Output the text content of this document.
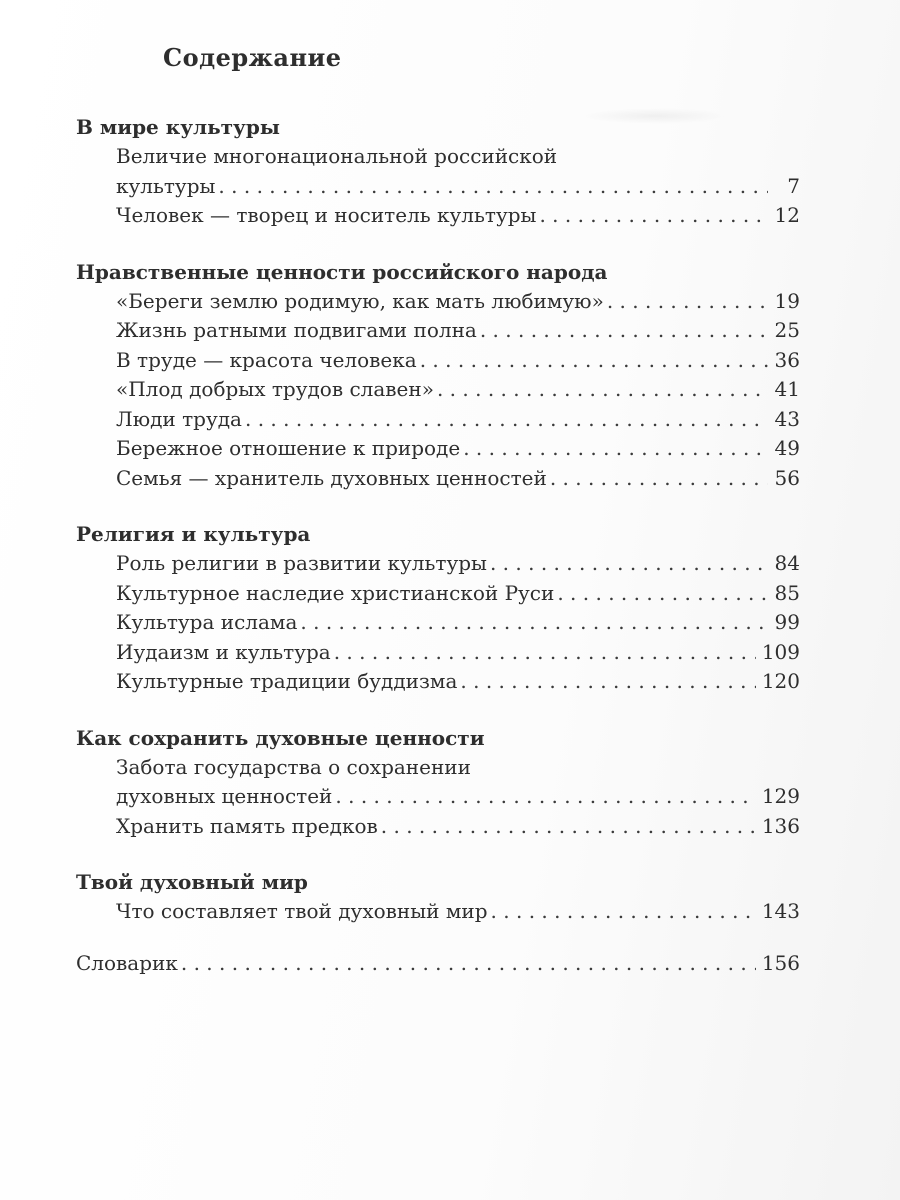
Содержание
В мире культуры
Величие многонациональной российской
культуры . . .	7
Человек — творец и носитель культуры . . .	12
Нравственные ценности российского народа
«Береги землю родимую, как мать любимую» . . .	19
Жизнь ратными подвигами полна . . .	25
В труде — красота человека . . .	36
«Плод добрых трудов славен» . . .	41
Люди труда . . .	43
Бережное отношение к природе . . .	49
Семья — хранитель духовных ценностей . . .	56
Религия и культура
Роль религии в развитии культуры . . .	84
Культурное наследие христианской Руси . . .	85
Культура ислама . . .	99
Иудаизм и культура . . .	109
Культурные традиции буддизма . . .	120
Как сохранить духовные ценности
Забота государства о сохранении
духовных ценностей . . .	129
Хранить память предков . . .	136
Твой духовный мир
Что составляет твой духовный мир . . .	143
Словарик . . .	156
